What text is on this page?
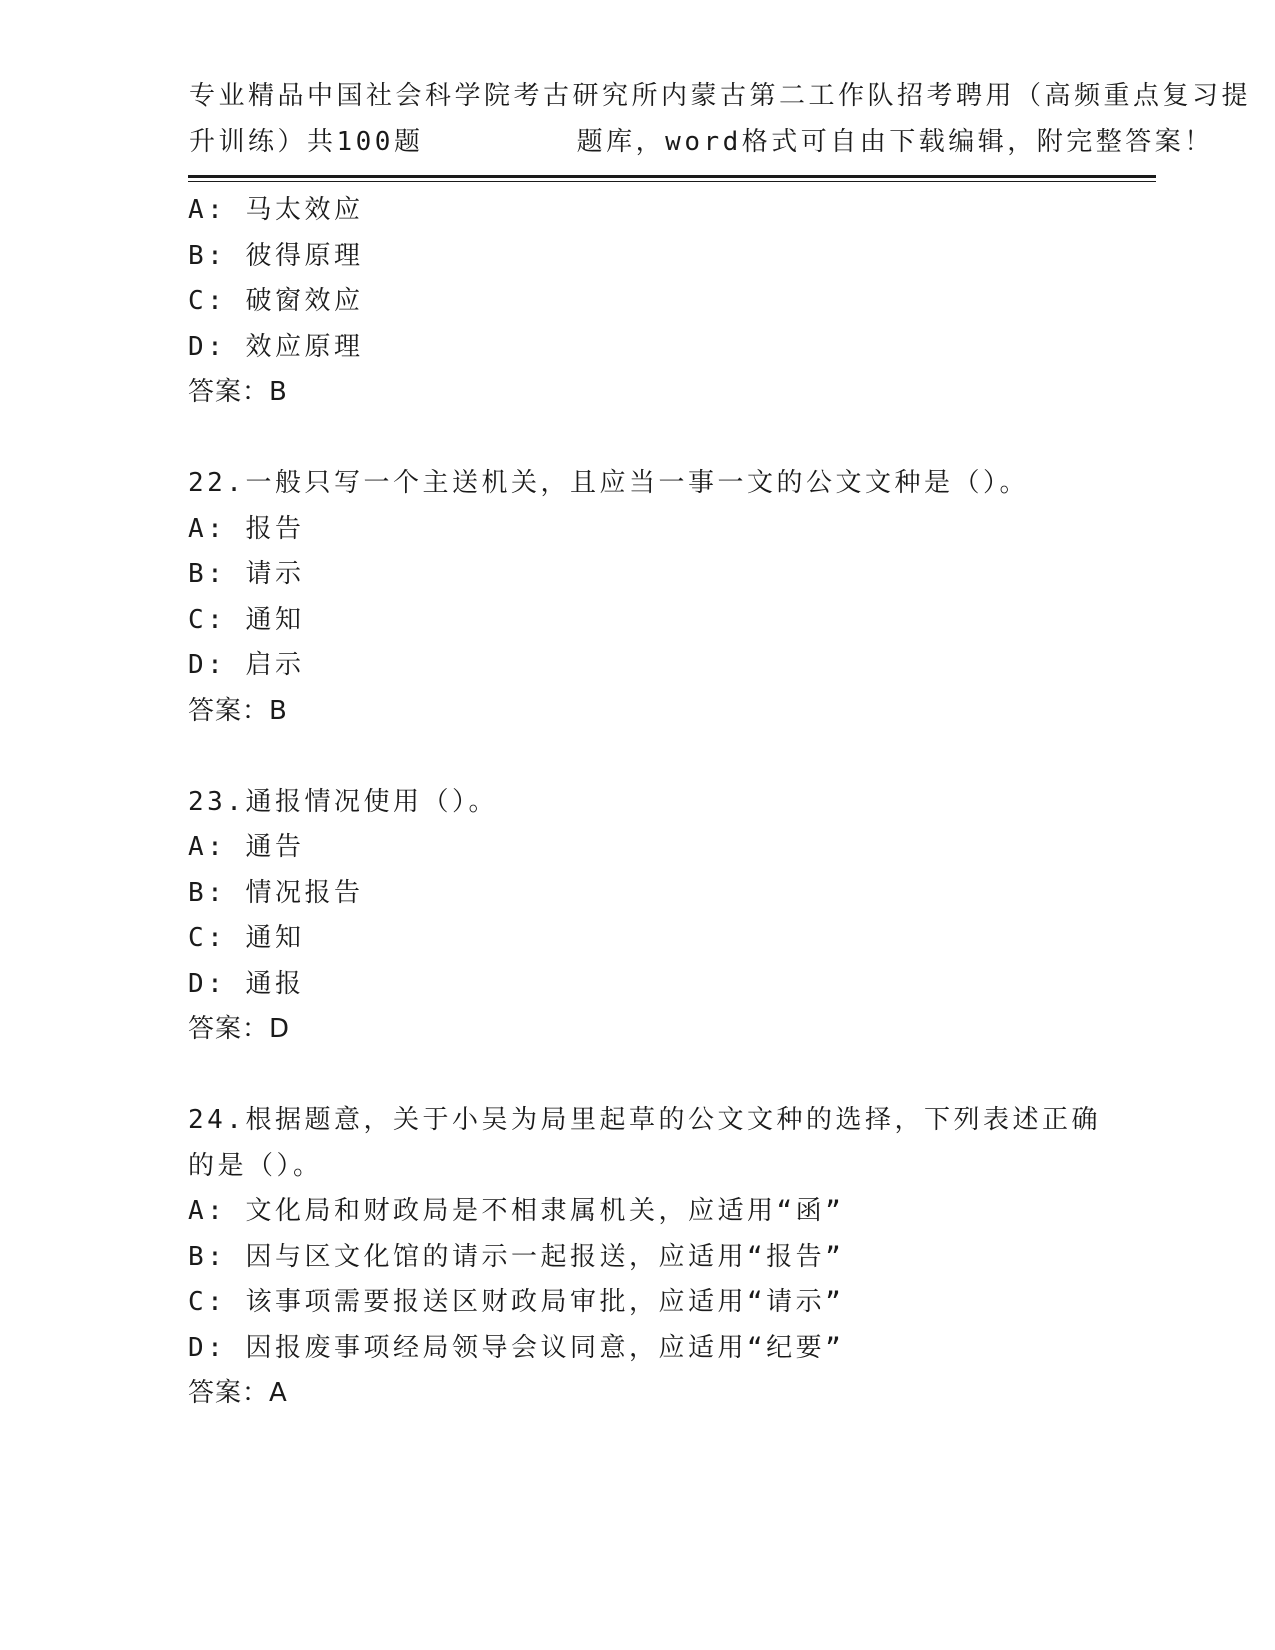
专业精品中国社会科学院考古研究所内蒙古第二工作队招考聘用（高频重点复习提
升训练）共100题        题库，word格式可自由下载编辑，附完整答案！
A: 马太效应
B: 彼得原理
C: 破窗效应
D: 效应原理
答案：B
22.一般只写一个主送机关，且应当一事一文的公文文种是（）。
A: 报告
B: 请示
C: 通知
D: 启示
答案：B
23.通报情况使用（）。
A: 通告
B: 情况报告
C: 通知
D: 通报
答案：D
24.根据题意，关于小吴为局里起草的公文文种的选择，下列表述正确
的是（）。
A: 文化局和财政局是不相隶属机关，应适用“函”
B: 因与区文化馆的请示一起报送，应适用“报告”
C: 该事项需要报送区财政局审批，应适用“请示”
D: 因报废事项经局领导会议同意，应适用“纪要”
答案：A
